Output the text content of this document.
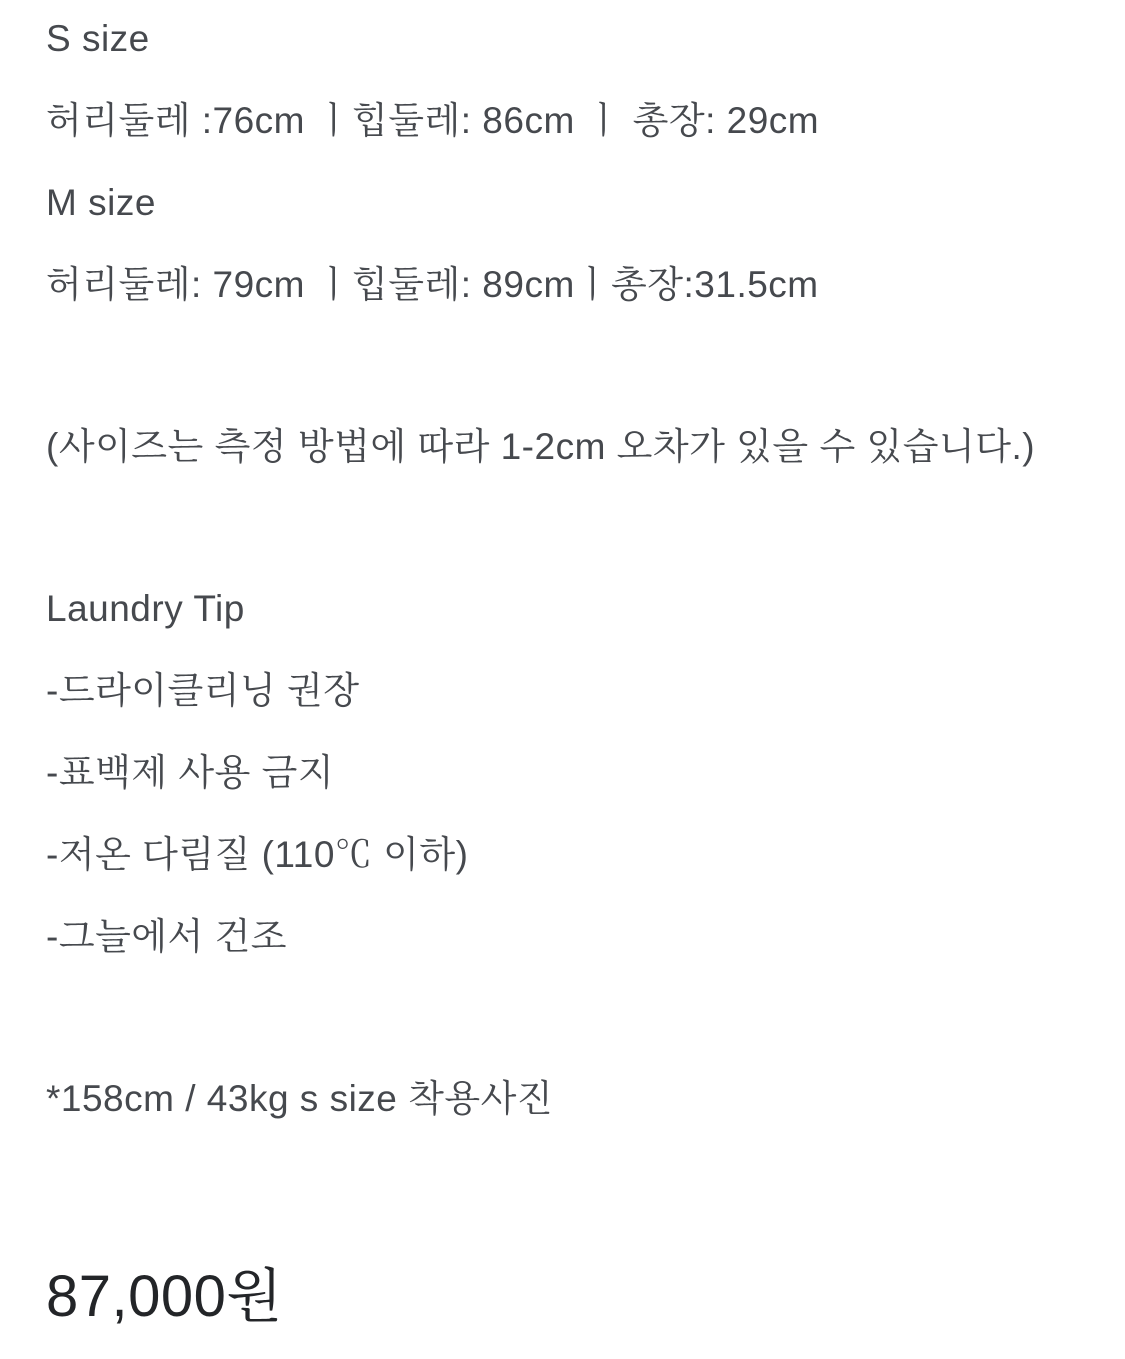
S size

허리둘레 :76cm ㅣ힙둘레: 86cm ㅣ 총장: 29cm

M size

허리둘레: 79cm ㅣ힙둘레: 89cmㅣ총장:31.5cm

(사이즈는 측정 방법에 따라 1-2cm 오차가 있을 수 있습니다.)

Laundry Tip

-드라이클리닝 권장

-표백제 사용 금지

-저온 다림질 (110℃ 이하)

-그늘에서 건조

*158cm / 43kg s size 착용사진

87,000원
